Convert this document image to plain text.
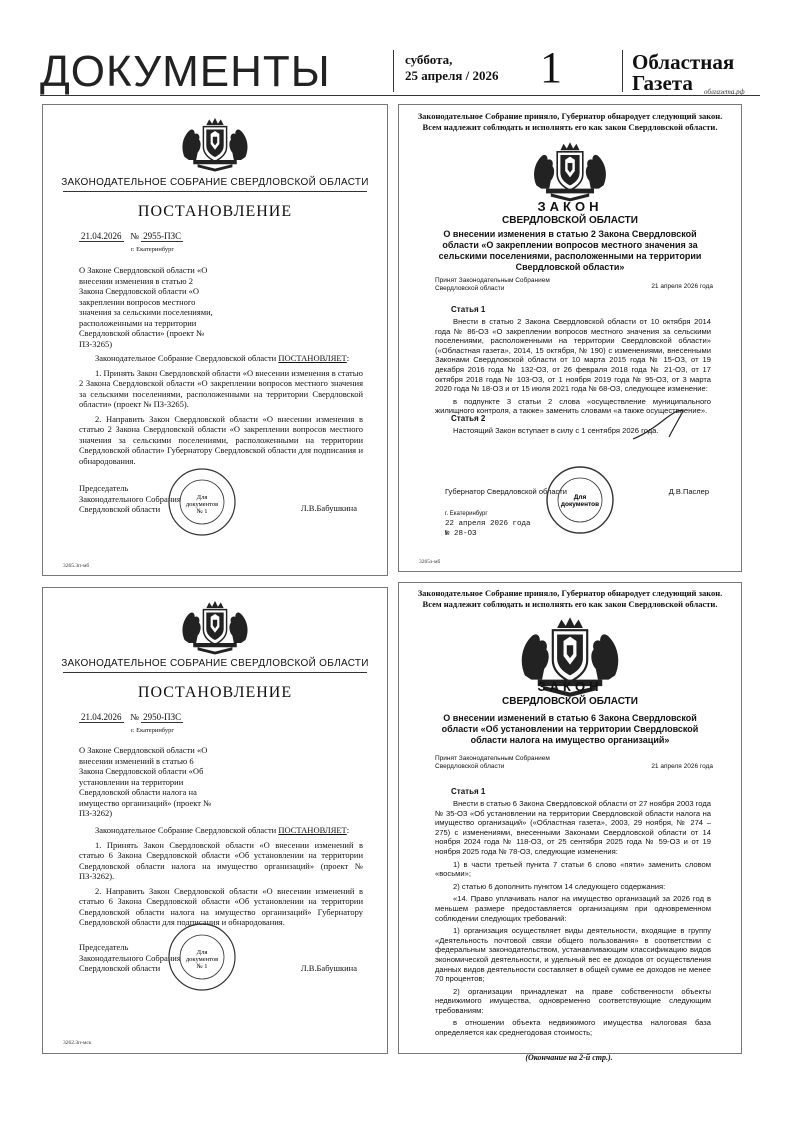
ДОКУМЕНТЫ	суббота,
25 апреля / 2026 1	Областная
Газета	облгазета.рф
ЗАКОНОДАТЕЛЬНОЕ СОБРАНИЕ СВЕРДЛОВСКОЙ ОБЛАСТИ
ПОСТАНОВЛЕНИЕ
21.04.2026 № 2955-ПЗС
г. Екатеринбург
О Законе Свердловской области «О внесении изменения в статью 2 Закона Свердловской области «О закреплении вопросов местного значения за сельскими поселениями, расположенными на территории Свердловской области» (проект № ПЗ-3265)

Законодательное Собрание Свердловской области ПОСТАНОВЛЯЕТ:

1. Принять Закон Свердловской области «О внесении изменения в статью 2 Закона Свердловской области «О закреплении вопросов местного значения за сельскими поселениями, расположенными на территории Свердловской области» (проект № ПЗ-3265).

2. Направить Закон Свердловской области «О внесении изменения в статью 2 Закона Свердловской области «О закреплении вопросов местного значения за сельскими поселениями, расположенными на территории Свердловской области» Губернатору Свердловской области для подписания и обнародования.

Председатель
Законодательного Собрания
Свердловской области
Для документов № 1	Л.В.Бабушкина
3265.3п-мб
Законодательное Собрание приняло, Губернатор обнародует следующий закон.
Всем надлежит соблюдать и исполнять его как закон Свердловской области.
ЗАКОН
СВЕРДЛОВСКОЙ ОБЛАСТИ
О внесении изменения в статью 2 Закона Свердловской области «О закреплении вопросов местного значения за сельскими поселениями, расположенными на территории Свердловской области»
Принят Законодательным Собранием
Свердловской области	21 апреля 2026 года
Статья 1

Внести в статью 2 Закона Свердловской области от 10 октября 2014 года № 86-ОЗ «О закреплении вопросов местного значения за сельскими поселениями, расположенными на территории Свердловской области» («Областная газета», 2014, 15 октября, № 190) с изменениями, внесенными Законами Свердловской области от 10 марта 2015 года № 15-ОЗ, от 19 декабря 2016 года № 132-ОЗ, от 26 февраля 2018 года № 21-ОЗ, от 17 октября 2018 года № 103-ОЗ, от 1 ноября 2019 года № 95-ОЗ, от 3 марта 2020 года № 18-ОЗ и от 15 июля 2021 года № 68-ОЗ, следующее изменение:

в подпункте 3 статьи 2 слова «осуществление муниципального жилищного контроля, а также» заменить словами «а также осуществление».

Статья 2

Настоящий Закон вступает в силу с 1 сентября 2026 года.

Губернатор Свердловской области
Для документов
Д.В.Паслер
г. Екатеринбург
22 апреля 2026 года
№ 28-ОЗ
3265з-мб
ЗАКОНОДАТЕЛЬНОЕ СОБРАНИЕ СВЕРДЛОВСКОЙ ОБЛАСТИ
ПОСТАНОВЛЕНИЕ
21.04.2026 № 2950-ПЗС
г. Екатеринбург
О Законе Свердловской области «О внесении изменений в статью 6 Закона Свердловской области «Об установлении на территории Свердловской области налога на имущество организаций» (проект № ПЗ-3262)

Законодательное Собрание Свердловской области ПОСТАНОВЛЯЕТ:

1. Принять Закон Свердловской области «О внесении изменений в статью 6 Закона Свердловской области «Об установлении на территории Свердловской области налога на имущество организаций» (проект № ПЗ-3262).

2. Направить Закон Свердловской области «О внесении изменений в статью 6 Закона Свердловской области «Об установлении на территории Свердловской области налога на имущество организаций» Губернатору Свердловской области для подписания и обнародования.

Председатель
Законодательного Собрания
Свердловской области
Для документов № 1	Л.В.Бабушкина
3262.3п-мск
Законодательное Собрание приняло, Губернатор обнародует следующий закон.
Всем надлежит соблюдать и исполнять его как закон Свердловской области.
ЗАКОН
СВЕРДЛОВСКОЙ ОБЛАСТИ
О внесении изменений в статью 6 Закона Свердловской области «Об установлении на территории Свердловской области налога на имущество организаций»
Принят Законодательным Собранием
Свердловской области	21 апреля 2026 года
Статья 1

Внести в статью 6 Закона Свердловской области от 27 ноября 2003 года № 35-ОЗ «Об установлении на территории Свердловской области налога на имущество организаций» («Областная газета», 2003, 29 ноября, № 274 – 275) с изменениями, внесенными Законами Свердловской области от 14 ноября 2024 года № 118-ОЗ, от 25 сентября 2025 года № 59-ОЗ и от 19 ноября 2025 года № 78-ОЗ, следующие изменения:

1) в части третьей пункта 7 статьи 6 слово «пяти» заменить словом «восьми»;

2) статью 6 дополнить пунктом 14 следующего содержания:

«14. Право уплачивать налог на имущество организаций за 2026 год в меньшем размере предоставляется организациям при одновременном соблюдении следующих требований:

1) организация осуществляет виды деятельности, входящие в группу «Деятельность почтовой связи общего пользования» в соответствии с федеральным законодательством, устанавливающим классификацию видов экономической деятельности, и удельный вес ее доходов от осуществления данных видов деятельности составляет в общей сумме ее доходов не менее 70 процентов;

2) организации принадлежат на праве собственности объекты недвижимого имущества, одновременно соответствующие следующим требованиям:

в отношении объекта недвижимого имущества налоговая база определяется как среднегодовая стоимость;

(Окончание на 2-й стр.).
